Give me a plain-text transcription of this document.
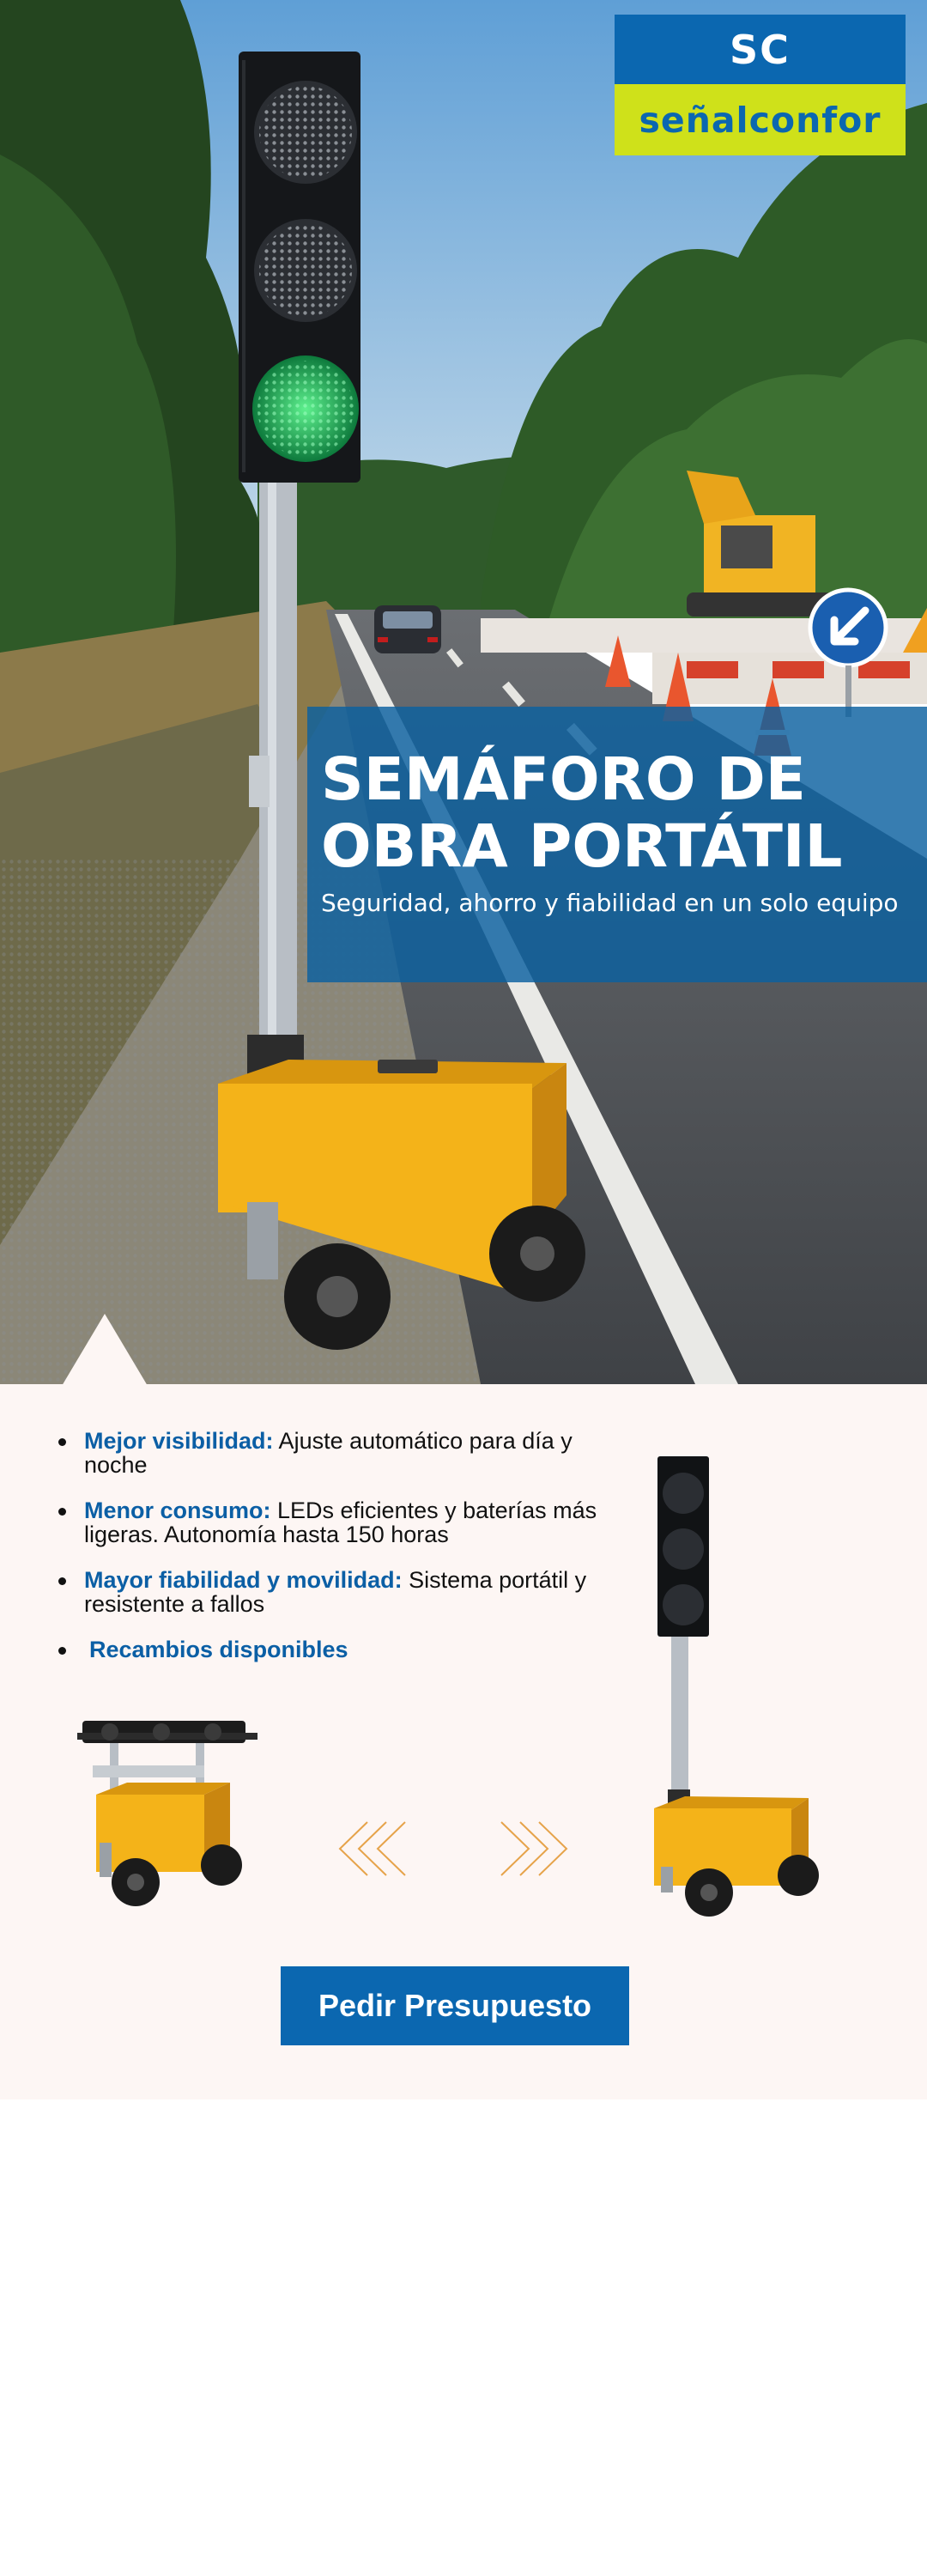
SC
señalconfor
SEMÁFORO DE
OBRA PORTÁTIL
Seguridad, ahorro y fiabilidad en un solo equipo
Mejor visibilidad: Ajuste automático para día y noche
Menor consumo: LEDs eficientes y baterías más ligeras. Autonomía hasta 150 horas
Mayor fiabilidad y movilidad: Sistema portátil y resistente a fallos
Recambios disponibles
Pedir Presupuesto
